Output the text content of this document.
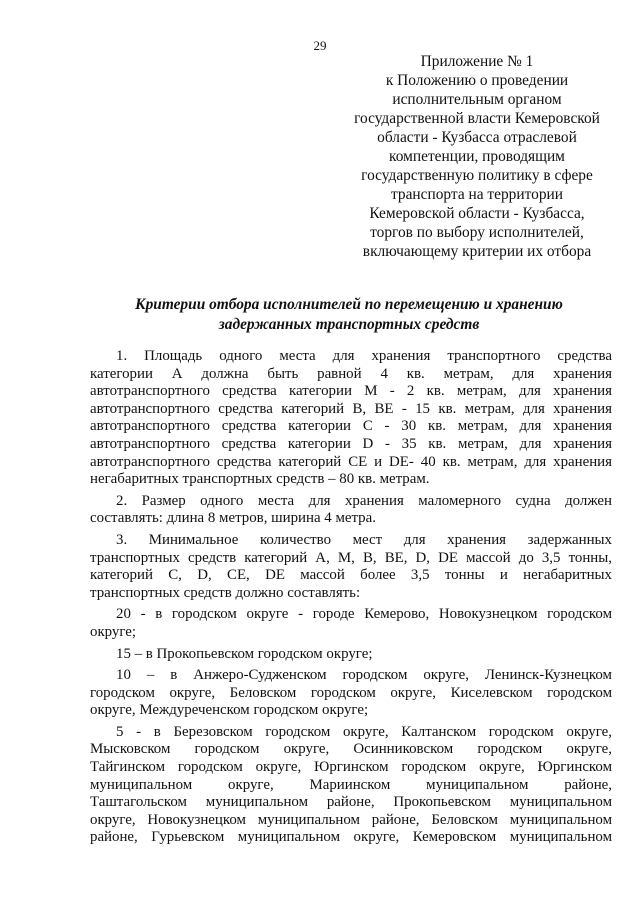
29
Приложение № 1
к Положению о проведении
исполнительным органом
государственной власти Кемеровской
области - Кузбасса отраслевой
компетенции, проводящим
государственную политику в сфере
транспорта на территории
Кемеровской области - Кузбасса,
торгов по выбору исполнителей,
включающему критерии их отбора
Критерии отбора исполнителей по перемещению и хранению
задержанных транспортных средств
1. Площадь одного места для хранения транспортного средства
категории А должна быть равной 4 кв. метрам, для хранения
автотранспортного средства категории М - 2 кв. метрам, для хранения
автотранспортного средства категорий В, ВЕ - 15 кв. метрам, для хранения
автотранспортного средства категории С - 30 кв. метрам, для хранения
автотранспортного средства категории D - 35 кв. метрам, для хранения
автотранспортного средства категорий СЕ и DE- 40 кв. метрам, для хранения
негабаритных транспортных средств – 80 кв. метрам.
2. Размер одного места для хранения маломерного судна должен
составлять: длина 8 метров, ширина 4 метра.
3. Минимальное количество мест для хранения задержанных
транспортных средств категорий А, М, В, ВЕ, D, DE массой до 3,5 тонны,
категорий С, D, СЕ, DE массой более 3,5 тонны и негабаритных
транспортных средств должно составлять:
20 - в городском округе - городе Кемерово, Новокузнецком городском
округе;
15 – в Прокопьевском городском округе;
10 – в Анжеро-Судженском городском округе, Ленинск-Кузнецком
городском округе, Беловском городском округе, Киселевском городском
округе, Междуреченском городском округе;
5 - в Березовском городском округе, Калтанском городском округе,
Мысковском городском округе, Осинниковском городском округе,
Тайгинском городском округе, Юргинском городском округе, Юргинском
муниципальном округе, Мариинском муниципальном районе,
Таштагольском муниципальном районе, Прокопьевском муниципальном
округе, Новокузнецком муниципальном районе, Беловском муниципальном
районе, Гурьевском муниципальном округе, Кемеровском муниципальном
